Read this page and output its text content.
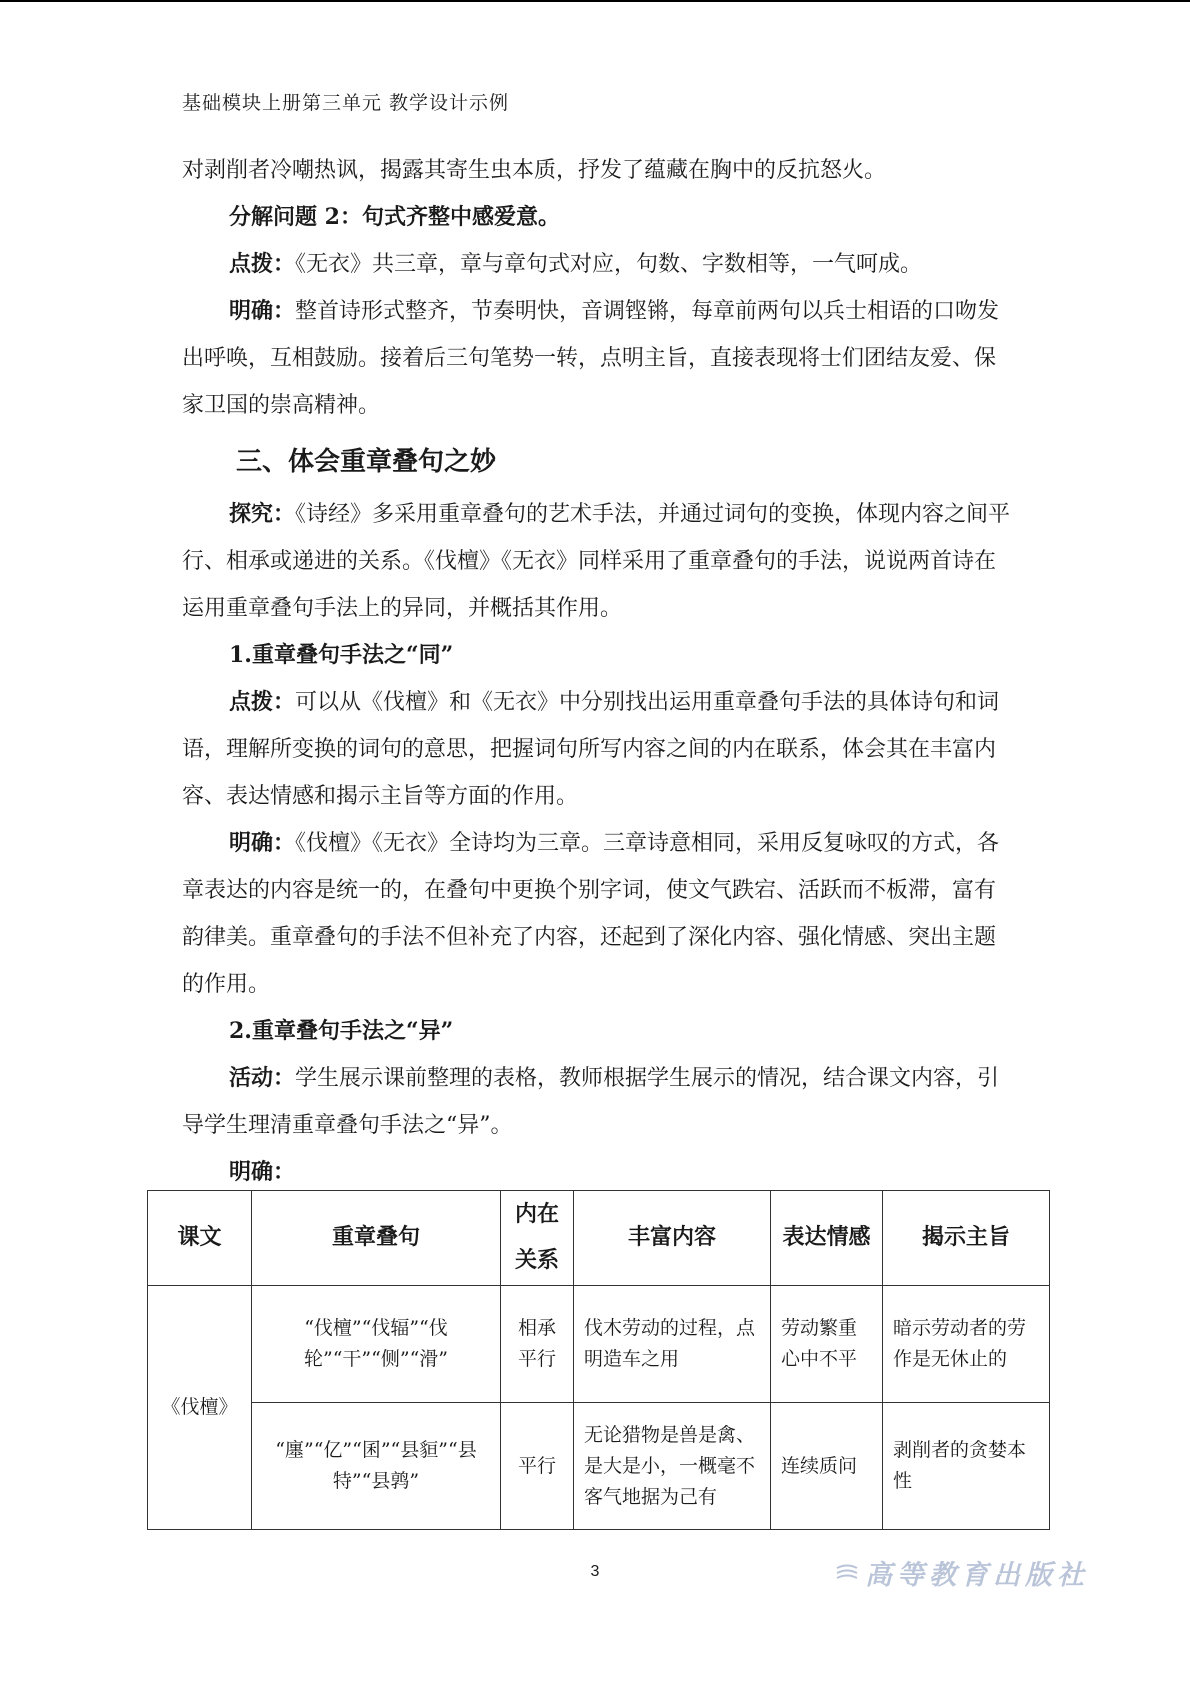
基础模块上册第三单元 教学设计示例

对剥削者冷嘲热讽，揭露其寄生虫本质，抒发了蕴藏在胸中的反抗怒火。

分解问题 2：句式齐整中感爱意。

点拨：《无衣》共三章，章与章句式对应，句数、字数相等，一气呵成。

明确：整首诗形式整齐，节奏明快，音调铿锵，每章前两句以兵士相语的口吻发出呼唤，互相鼓励。接着后三句笔势一转，点明主旨，直接表现将士们团结友爱、保家卫国的崇高精神。

三、体会重章叠句之妙

探究：《诗经》多采用重章叠句的艺术手法，并通过词句的变换，体现内容之间平行、相承或递进的关系。《伐檀》《无衣》同样采用了重章叠句的手法，说说两首诗在运用重章叠句手法上的异同，并概括其作用。

1.重章叠句手法之“同”

点拨：可以从《伐檀》和《无衣》中分别找出运用重章叠句手法的具体诗句和词语，理解所变换的词句的意思，把握词句所写内容之间的内在联系，体会其在丰富内容、表达情感和揭示主旨等方面的作用。

明确：《伐檀》《无衣》全诗均为三章。三章诗意相同，采用反复咏叹的方式，各章表达的内容是统一的，在叠句中更换个别字词，使文气跌宕、活跃而不板滞，富有韵律美。重章叠句的手法不但补充了内容，还起到了深化内容、强化情感、突出主题的作用。

2.重章叠句手法之“异”

活动：学生展示课前整理的表格，教师根据学生展示的情况，结合课文内容，引导学生理清重章叠句手法之“异”。

明确：

课文	重章叠句	内在关系	丰富内容	表达情感	揭示主旨
《伐檀》	“伐檀”“伐辐”“伐轮”“干”“侧”“滑”	相承平行	伐木劳动的过程，点明造车之用	劳动繁重心中不平	暗示劳动者的劳作是无休止的
	“廛”“亿”“囷”“县貆”“县特”“县鹑”	平行	无论猎物是兽是禽、是大是小，一概毫不客气地据为己有	连续质问	剥削者的贪婪本性
3	高等教育出版社
